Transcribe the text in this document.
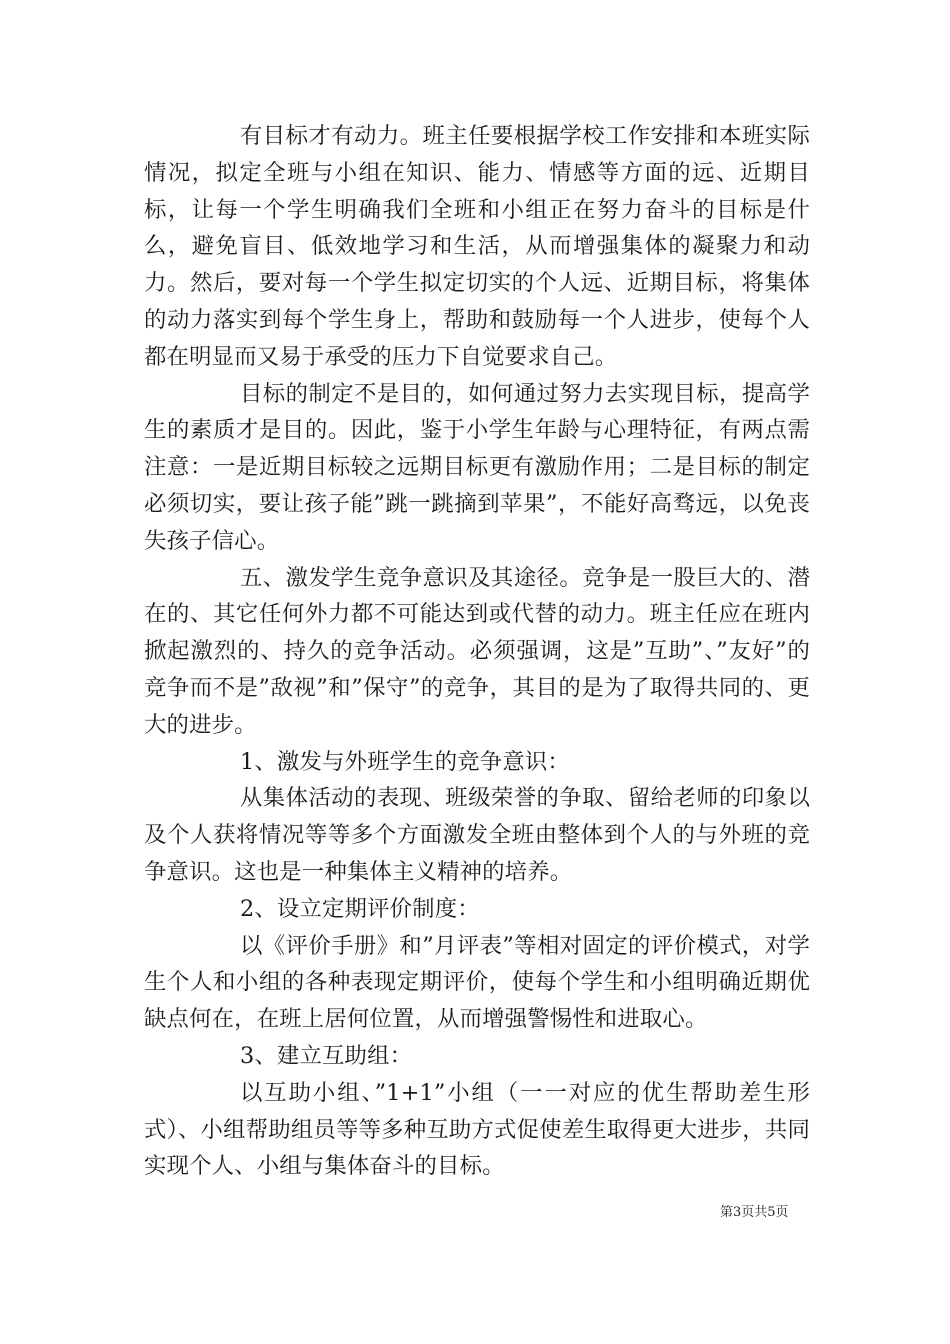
有目标才有动力。班主任要根据学校工作安排和本班实际情况，拟定全班与小组在知识、能力、情感等方面的远、近期目标，让每一个学生明确我们全班和小组正在努力奋斗的目标是什么，避免盲目、低效地学习和生活，从而增强集体的凝聚力和动力。然后，要对每一个学生拟定切实的个人远、近期目标，将集体的动力落实到每个学生身上，帮助和鼓励每一个人进步，使每个人都在明显而又易于承受的压力下自觉要求自己。

目标的制定不是目的，如何通过努力去实现目标，提高学生的素质才是目的。因此，鉴于小学生年龄与心理特征，有两点需注意：一是近期目标较之远期目标更有激励作用；二是目标的制定必须切实，要让孩子能”跳一跳摘到苹果”，不能好高骛远，以免丧失孩子信心。

五、激发学生竞争意识及其途径。竞争是一股巨大的、潜在的、其它任何外力都不可能达到或代替的动力。班主任应在班内掀起激烈的、持久的竞争活动。必须强调，这是”互助”、”友好”的竞争而不是”敌视”和”保守”的竞争，其目的是为了取得共同的、更大的进步。

1、激发与外班学生的竞争意识：

从集体活动的表现、班级荣誉的争取、留给老师的印象以及个人获将情况等等多个方面激发全班由整体到个人的与外班的竞争意识。这也是一种集体主义精神的培养。

2、设立定期评价制度：

以《评价手册》和”月评表”等相对固定的评价模式，对学生个人和小组的各种表现定期评价，使每个学生和小组明确近期优缺点何在，在班上居何位置，从而增强警惕性和进取心。

3、建立互助组：

以互助小组、”1+1”小组（一一对应的优生帮助差生形式）、小组帮助组员等等多种互助方式促使差生取得更大进步，共同实现个人、小组与集体奋斗的目标。

第3页共5页
